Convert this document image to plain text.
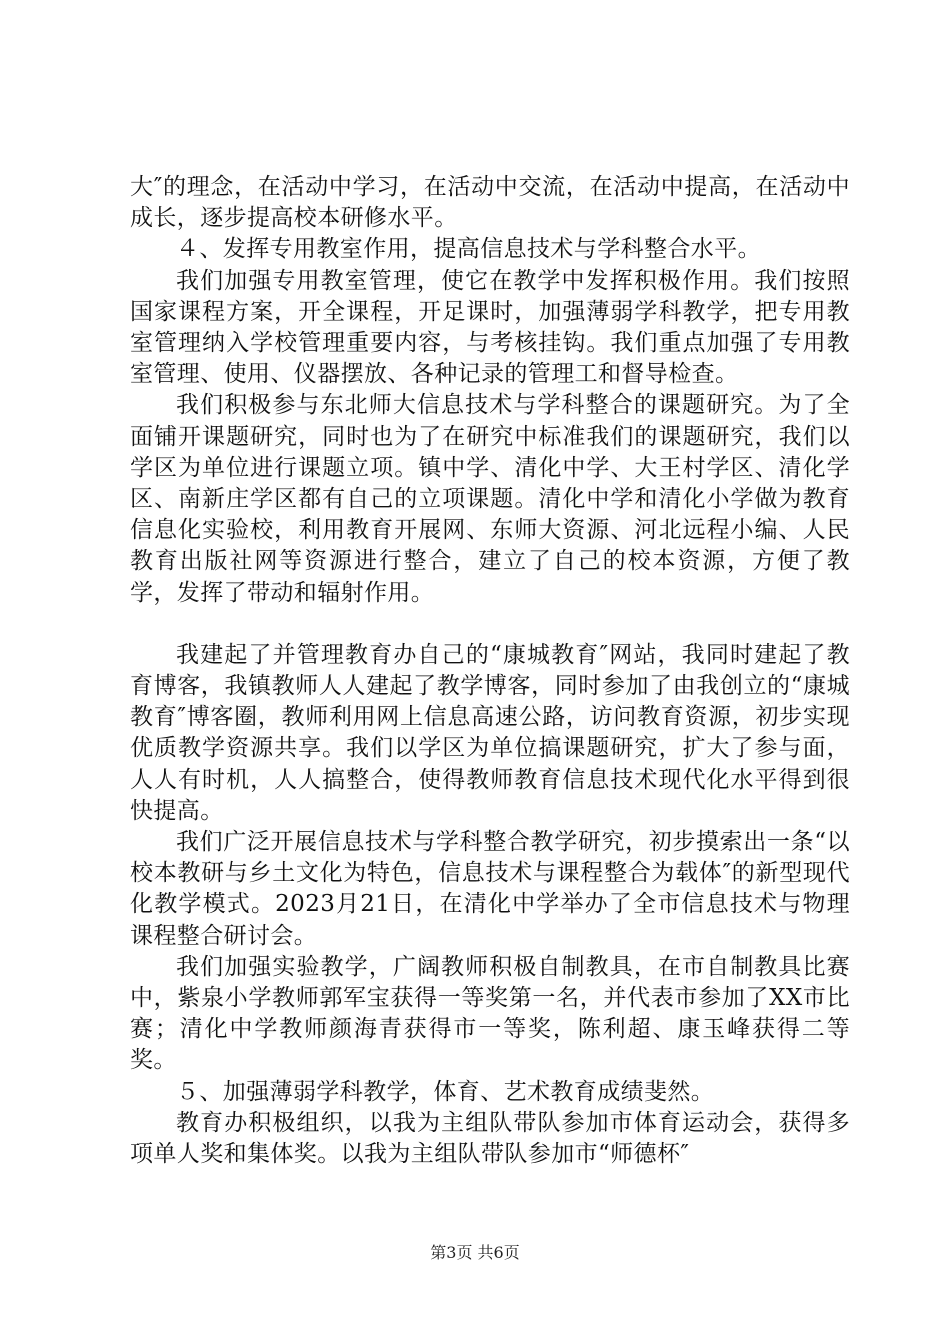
大″的理念，在活动中学习，在活动中交流，在活动中提高，在活动中成长，逐步提高校本研修水平。

４、发挥专用教室作用，提高信息技术与学科整合水平。

我们加强专用教室管理，使它在教学中发挥积极作用。我们按照国家课程方案，开全课程，开足课时，加强薄弱学科教学，把专用教室管理纳入学校管理重要内容，与考核挂钩。我们重点加强了专用教室管理、使用、仪器摆放、各种记录的管理工和督导检查。

我们积极参与东北师大信息技术与学科整合的课题研究。为了全面铺开课题研究，同时也为了在研究中标准我们的课题研究，我们以学区为单位进行课题立项。镇中学、清化中学、大王村学区、清化学区、南新庄学区都有自己的立项课题。清化中学和清化小学做为教育信息化实验校，利用教育开展网、东师大资源、河北远程小编、人民教育出版社网等资源进行整合，建立了自己的校本资源，方便了教学，发挥了带动和辐射作用。

我建起了并管理教育办自己的“康城教育″网站，我同时建起了教育博客，我镇教师人人建起了教学博客，同时参加了由我创立的“康城教育″博客圈，教师利用网上信息高速公路，访问教育资源，初步实现优质教学资源共享。我们以学区为单位搞课题研究，扩大了参与面，人人有时机，人人搞整合，使得教师教育信息技术现代化水平得到很快提高。

我们广泛开展信息技术与学科整合教学研究，初步摸索出一条“以校本教研与乡土文化为特色，信息技术与课程整合为载体″的新型现代化教学模式。2023月21日，在清化中学举办了全市信息技术与物理课程整合研讨会。

我们加强实验教学，广阔教师积极自制教具，在市自制教具比赛中，紫泉小学教师郭军宝获得一等奖第一名，并代表市参加了XX市比赛；清化中学教师颜海青获得市一等奖，陈利超、康玉峰获得二等奖。

５、加强薄弱学科教学，体育、艺术教育成绩斐然。

教育办积极组织，以我为主组队带队参加市体育运动会，获得多项单人奖和集体奖。以我为主组队带队参加市“师德杯″

第3页 共6页
